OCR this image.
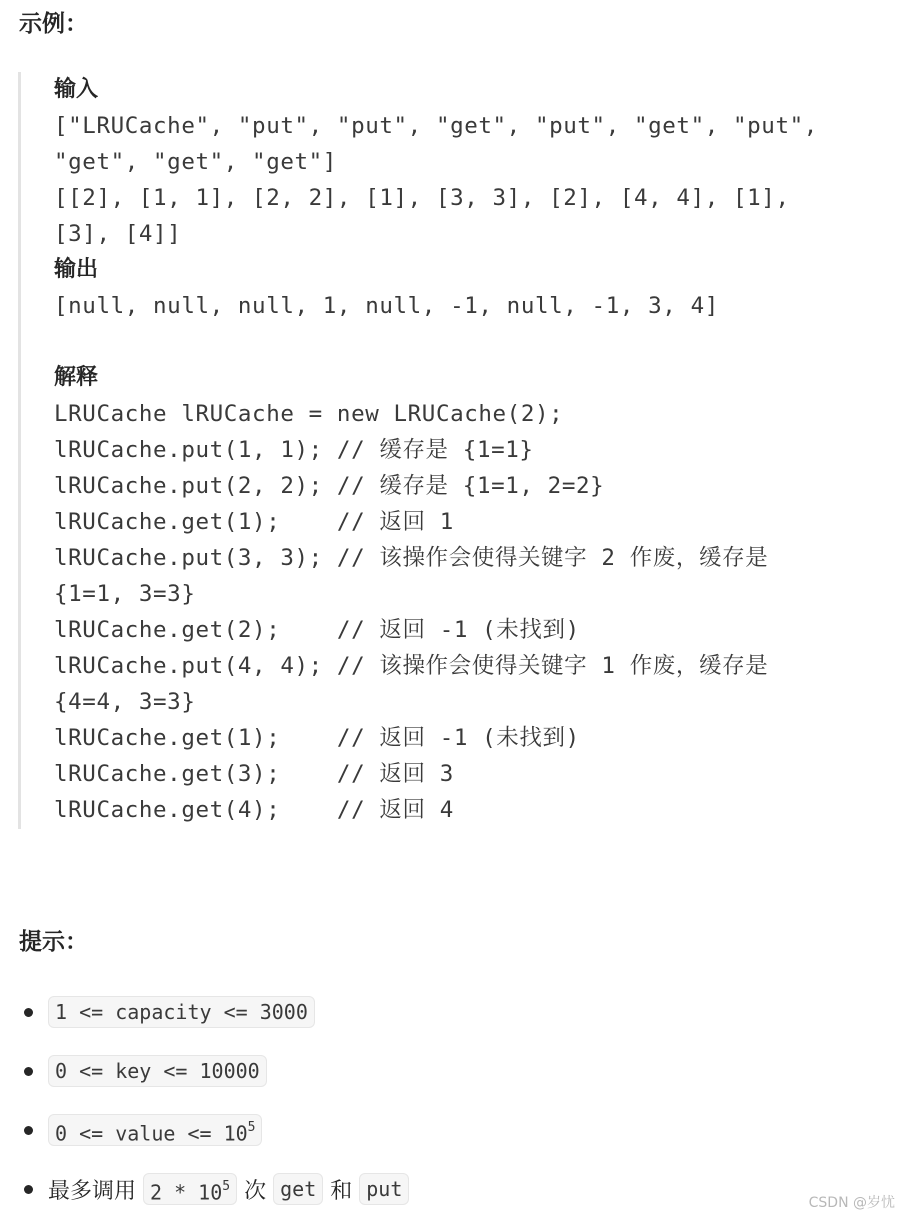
示例：
输入
["LRUCache", "put", "put", "get", "put", "get", "put",
"get", "get", "get"]
[[2], [1, 1], [2, 2], [1], [3, 3], [2], [4, 4], [1],
[3], [4]]
输出
[null, null, null, 1, null, -1, null, -1, 3, 4]
解释
LRUCache lRUCache = new LRUCache(2);
lRUCache.put(1, 1); // 缓存是 {1=1}
lRUCache.put(2, 2); // 缓存是 {1=1, 2=2}
lRUCache.get(1);    // 返回 1
lRUCache.put(3, 3); // 该操作会使得关键字 2 作废，缓存是
{1=1, 3=3}
lRUCache.get(2);    // 返回 -1 (未找到)
lRUCache.put(4, 4); // 该操作会使得关键字 1 作废，缓存是
{4=4, 3=3}
lRUCache.get(1);    // 返回 -1 (未找到)
lRUCache.get(3);    // 返回 3
lRUCache.get(4);    // 返回 4
提示：
1 <= capacity <= 3000
0 <= key <= 10000
0 <= value <= $10^5$
最多调用 $2 * 10^5$ 次 get 和 put
CSDN @岁忧
